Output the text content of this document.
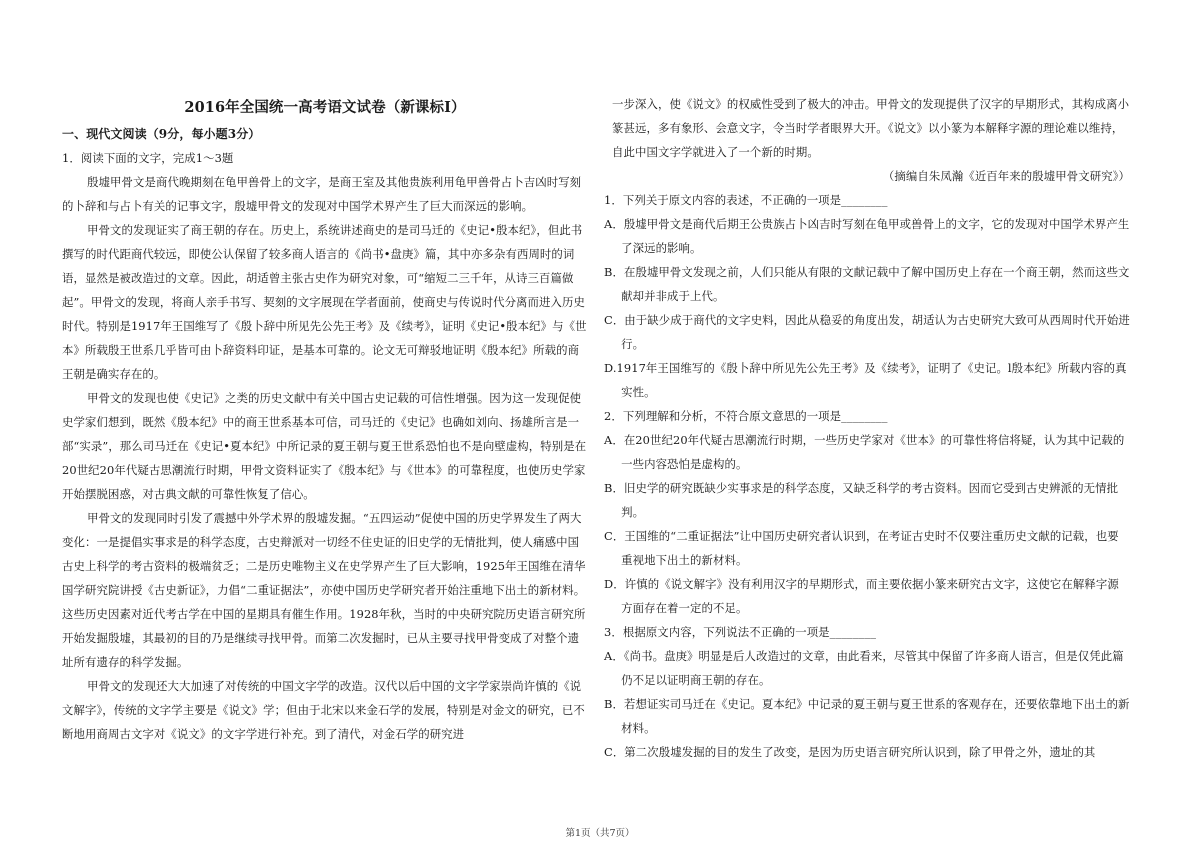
2016年全国统一高考语文试卷（新课标Ⅰ）
一、现代文阅读（9分，每小题3分）
1．阅读下面的文字，完成1～3题
殷墟甲骨文是商代晚期刻在龟甲兽骨上的文字，是商王室及其他贵族利用龟甲兽骨占卜吉凶时写刻的卜辞和与占卜有关的记事文字，殷墟甲骨文的发现对中国学术界产生了巨大而深远的影响。
甲骨文的发现证实了商王朝的存在。历史上，系统讲述商史的是司马迁的《史记•殷本纪》，但此书撰写的时代距商代较远，即使公认保留了较多商人语言的《尚书•盘庚》篇，其中亦多杂有西周时的词语，显然是被改造过的文章。因此，胡适曾主张古史作为研究对象，可“缩短二三千年，从诗三百篇做起”。甲骨文的发现，将商人亲手书写、契刻的文字展现在学者面前，使商史与传说时代分离而进入历史时代。特别是1917年王国维写了《殷卜辞中所见先公先王考》及《续考》，证明《史记•殷本纪》与《世本》所载殷王世系几乎皆可由卜辞资料印证，是基本可靠的。论文无可辩驳地证明《殷本纪》所载的商王朝是确实存在的。
甲骨文的发现也使《史记》之类的历史文献中有关中国古史记载的可信性增强。因为这一发现促使史学家们想到，既然《殷本纪》中的商王世系基本可信，司马迁的《史记》也确如刘向、扬雄所言是一部“实录”，那么司马迁在《史记•夏本纪》中所记录的夏王朝与夏王世系恐怕也不是向壁虚构，特别是在20世纪20年代疑古思潮流行时期，甲骨文资料证实了《殷本纪》与《世本》的可靠程度，也使历史学家开始摆脱困惑，对古典文献的可靠性恢复了信心。
甲骨文的发现同时引发了震撼中外学术界的殷墟发掘。“五四运动”促使中国的历史学界发生了两大变化：一是提倡实事求是的科学态度，古史辩派对一切经不住史证的旧史学的无情批判，使人痛感中国古史上科学的考古资料的极端贫乏；二是历史唯物主义在史学界产生了巨大影响，1925年王国维在清华国学研究院讲授《古史新证》，力倡“二重证据法”，亦使中国历史学研究者开始注重地下出土的新材料。这些历史因素对近代考古学在中国的星期具有催生作用。1928年秋，当时的中央研究院历史语言研究所开始发掘殷墟，其最初的目的乃是继续寻找甲骨。而第二次发掘时，已从主要寻找甲骨变成了对整个遗址所有遗存的科学发掘。
甲骨文的发现还大大加速了对传统的中国文字学的改造。汉代以后中国的文字学家崇尚许慎的《说文解字》，传统的文字学主要是《说文》学；但由于北宋以来金石学的发展，特别是对金文的研究，已不断地用商周古文字对《说文》的文字学进行补充。到了清代，对金石学的研究进
一步深入，使《说文》的权威性受到了极大的冲击。甲骨文的发现提供了汉字的早期形式，其构成离小篆甚远，多有象形、会意文字，令当时学者眼界大开。《说文》以小篆为本解释字源的理论难以维持，自此中国文字学就进入了一个新的时期。
（摘编自朱凤瀚《近百年来的殷墟甲骨文研究》）
1．下列关于原文内容的表述，不正确的一项是________
A．殷墟甲骨文是商代后期王公贵族占卜凶吉时写刻在龟甲或兽骨上的文字，它的发现对中国学术界产生了深远的影响。
B．在殷墟甲骨文发现之前，人们只能从有限的文献记载中了解中国历史上存在一个商王朝，然而这些文献却并非成于上代。
C．由于缺少成于商代的文字史料，因此从稳妥的角度出发，胡适认为古史研究大致可从西周时代开始进行。
D.1917年王国维写的《殷卜辞中所见先公先王考》及《续考》，证明了《史记。l殷本纪》所载内容的真实性。
2．下列理解和分析，不符合原文意思的一项是________
A．在20世纪20年代疑古思潮流行时期，一些历史学家对《世本》的可靠性将信将疑，认为其中记载的一些内容恐怕是虚构的。
B．旧史学的研究既缺少实事求是的科学态度，又缺乏科学的考古资料。因而它受到古史辨派的无情批判。
C．王国维的“二重证据法”让中国历史研究者认识到，在考证古史时不仅要注重历史文献的记载，也要重视地下出土的新材料。
D．许慎的《说文解字》没有利用汉字的早期形式，而主要依据小篆来研究古文字，这使它在解释字源方面存在着一定的不足。
3．根据原文内容，下列说法不正确的一项是________
A．《尚书。盘庚》明显是后人改造过的文章，由此看来，尽管其中保留了许多商人语言，但是仅凭此篇仍不足以证明商王朝的存在。
B．若想证实司马迁在《史记。夏本纪》中记录的夏王朝与夏王世系的客观存在，还要依靠地下出土的新材料。
C．第二次殷墟发掘的目的发生了改变，是因为历史语言研究所认识到，除了甲骨之外，遗址的其
第1页（共7页）
